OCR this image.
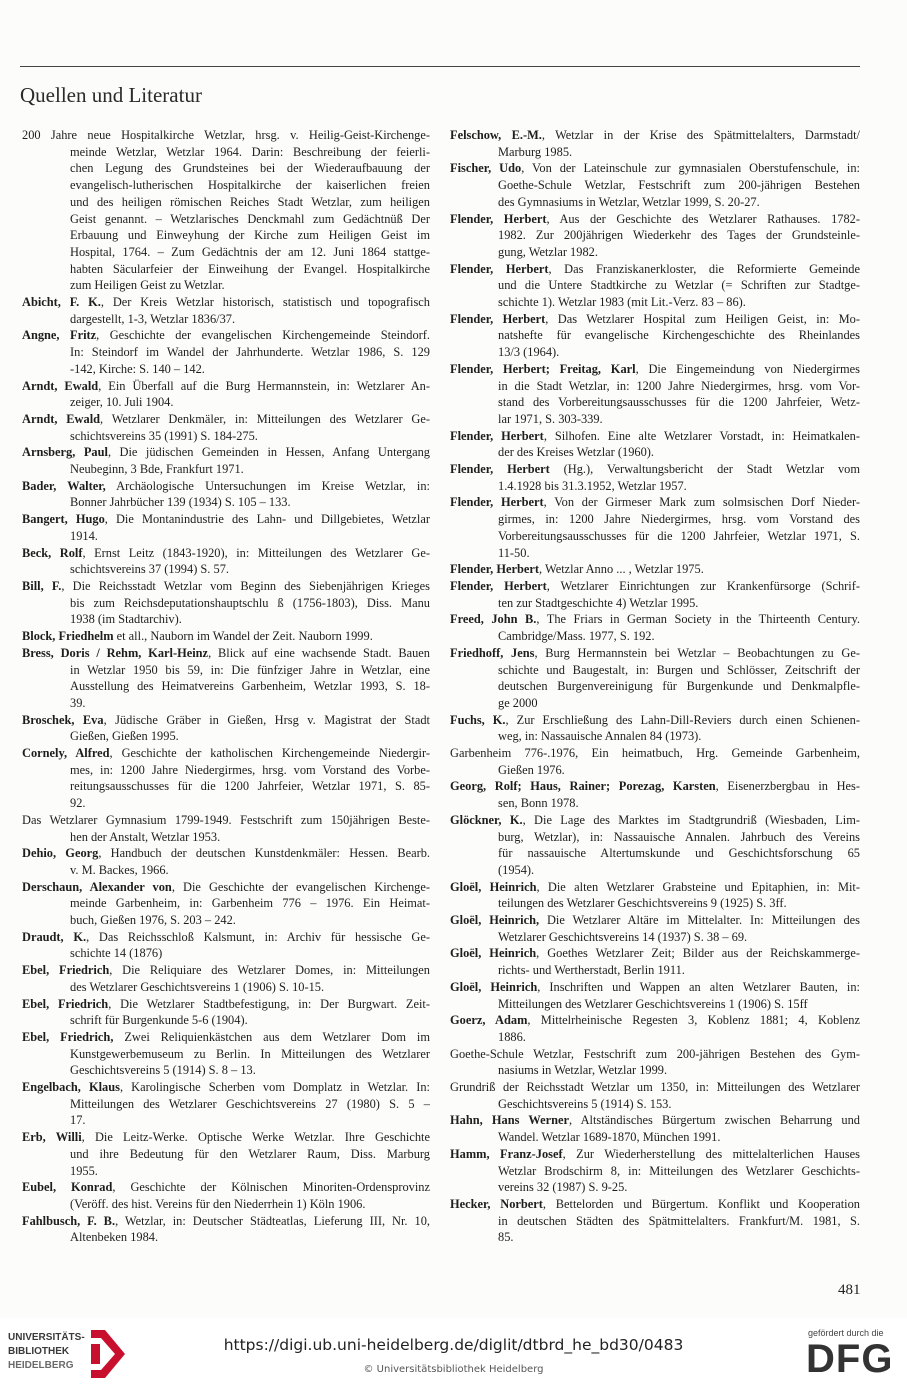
Quellen und Literatur
200 Jahre neue Hospitalkirche Wetzlar, hrsg. v. Heilig-Geist-Kirchenge-
meinde Wetzlar, Wetzlar 1964. Darin: Beschreibung der feierli-
chen Legung des Grundsteines bei der Wiederaufbauung der
evangelisch-lutherischen Hospitalkirche der kaiserlichen freien
und des heiligen römischen Reiches Stadt Wetzlar, zum heiligen
Geist genannt. – Wetzlarisches Denckmahl zum Gedächtnüß Der
Erbauung und Einweyhung der Kirche zum Heiligen Geist im
Hospital, 1764. – Zum Gedächtnis der am 12. Juni 1864 stattge-
habten Säcularfeier der Einweihung der Evangel. Hospitalkirche
zum Heiligen Geist zu Wetzlar.
Abicht, F. K., Der Kreis Wetzlar historisch, statistisch und topografisch
dargestellt, 1-3, Wetzlar 1836/37.
Angne, Fritz, Geschichte der evangelischen Kirchengemeinde Steindorf.
In: Steindorf im Wandel der Jahrhunderte. Wetzlar 1986, S. 129
-142, Kirche: S. 140 – 142.
Arndt, Ewald, Ein Überfall auf die Burg Hermannstein, in: Wetzlarer An-
zeiger, 10. Juli 1904.
Arndt, Ewald, Wetzlarer Denkmäler, in: Mitteilungen des Wetzlarer Ge-
schichtsvereins 35 (1991) S. 184-275.
Arnsberg, Paul, Die jüdischen Gemeinden in Hessen, Anfang Untergang
Neubeginn, 3 Bde, Frankfurt 1971.
Bader, Walter, Archäologische Untersuchungen im Kreise Wetzlar, in:
Bonner Jahrbücher 139 (1934) S. 105 – 133.
Bangert, Hugo, Die Montanindustrie des Lahn- und Dillgebietes, Wetzlar
1914.
Beck, Rolf, Ernst Leitz (1843-1920), in: Mitteilungen des Wetzlarer Ge-
schichtsvereins 37 (1994) S. 57.
Bill, F., Die Reichsstadt Wetzlar vom Beginn des Siebenjährigen Krieges
bis zum Reichsdeputationshauptschlu ß (1756-1803), Diss. Manu
1938 (im Stadtarchiv).
Block, Friedhelm et all., Nauborn im Wandel der Zeit. Nauborn 1999.
Bress, Doris / Rehm, Karl-Heinz, Blick auf eine wachsende Stadt. Bauen
in Wetzlar 1950 bis 59, in: Die fünfziger Jahre in Wetzlar, eine
Ausstellung des Heimatvereins Garbenheim, Wetzlar 1993, S. 18-
39.
Broschek, Eva, Jüdische Gräber in Gießen, Hrsg v. Magistrat der Stadt
Gießen, Gießen 1995.
Cornely, Alfred, Geschichte der katholischen Kirchengemeinde Niedergir-
mes, in: 1200 Jahre Niedergirmes, hrsg. vom Vorstand des Vorbe-
reitungsausschusses für die 1200 Jahrfeier, Wetzlar 1971, S. 85-
92.
Das Wetzlarer Gymnasium 1799-1949. Festschrift zum 150jährigen Beste-
hen der Anstalt, Wetzlar 1953.
Dehio, Georg, Handbuch der deutschen Kunstdenkmäler: Hessen. Bearb.
v. M. Backes, 1966.
Derschaun, Alexander von, Die Geschichte der evangelischen Kirchenge-
meinde Garbenheim, in: Garbenheim 776 – 1976. Ein Heimat-
buch, Gießen 1976, S. 203 – 242.
Draudt, K., Das Reichsschloß Kalsmunt, in: Archiv für hessische Ge-
schichte 14 (1876)
Ebel, Friedrich, Die Reliquiare des Wetzlarer Domes, in: Mitteilungen
des Wetzlarer Geschichtsvereins 1 (1906) S. 10-15.
Ebel, Friedrich, Die Wetzlarer Stadtbefestigung, in: Der Burgwart. Zeit-
schrift für Burgenkunde 5-6 (1904).
Ebel, Friedrich, Zwei Reliquienkästchen aus dem Wetzlarer Dom im
Kunstgewerbemuseum zu Berlin. In Mitteilungen des Wetzlarer
Geschichtsvereins 5 (1914) S. 8 – 13.
Engelbach, Klaus, Karolingische Scherben vom Domplatz in Wetzlar. In:
Mitteilungen des Wetzlarer Geschichtsvereins 27 (1980) S. 5 –
17.
Erb, Willi, Die Leitz-Werke. Optische Werke Wetzlar. Ihre Geschichte
und ihre Bedeutung für den Wetzlarer Raum, Diss. Marburg
1955.
Eubel, Konrad, Geschichte der Kölnischen Minoriten-Ordensprovinz
(Veröff. des hist. Vereins für den Niederrhein 1) Köln 1906.
Fahlbusch, F. B., Wetzlar, in: Deutscher Städteatlas, Lieferung III, Nr. 10,
Altenbeken 1984.
Felschow, E.-M., Wetzlar in der Krise des Spätmittelalters, Darmstadt/
Marburg 1985.
Fischer, Udo, Von der Lateinschule zur gymnasialen Oberstufenschule, in:
Goethe-Schule Wetzlar, Festschrift zum 200-jährigen Bestehen
des Gymnasiums in Wetzlar, Wetzlar 1999, S. 20-27.
Flender, Herbert, Aus der Geschichte des Wetzlarer Rathauses. 1782-
1982. Zur 200jährigen Wiederkehr des Tages der Grundsteinle-
gung, Wetzlar 1982.
Flender, Herbert, Das Franziskanerkloster, die Reformierte Gemeinde
und die Untere Stadtkirche zu Wetzlar (= Schriften zur Stadtge-
schichte 1). Wetzlar 1983 (mit Lit.-Verz. 83 – 86).
Flender, Herbert, Das Wetzlarer Hospital zum Heiligen Geist, in: Mo-
natshefte für evangelische Kirchengeschichte des Rheinlandes
13/3 (1964).
Flender, Herbert; Freitag, Karl, Die Eingemeindung von Niedergirmes
in die Stadt Wetzlar, in: 1200 Jahre Niedergirmes, hrsg. vom Vor-
stand des Vorbereitungsausschusses für die 1200 Jahrfeier, Wetz-
lar 1971, S. 303-339.
Flender, Herbert, Silhofen. Eine alte Wetzlarer Vorstadt, in: Heimatkalen-
der des Kreises Wetzlar (1960).
Flender, Herbert (Hg.), Verwaltungsbericht der Stadt Wetzlar vom
1.4.1928 bis 31.3.1952, Wetzlar 1957.
Flender, Herbert, Von der Girmeser Mark zum solmsischen Dorf Nieder-
girmes, in: 1200 Jahre Niedergirmes, hrsg. vom Vorstand des
Vorbereitungsausschusses für die 1200 Jahrfeier, Wetzlar 1971, S.
11-50.
Flender, Herbert, Wetzlar Anno ... , Wetzlar 1975.
Flender, Herbert, Wetzlarer Einrichtungen zur Krankenfürsorge (Schrif-
ten zur Stadtgeschichte 4) Wetzlar 1995.
Freed, John B., The Friars in German Society in the Thirteenth Century.
Cambridge/Mass. 1977, S. 192.
Friedhoff, Jens, Burg Hermannstein bei Wetzlar – Beobachtungen zu Ge-
schichte und Baugestalt, in: Burgen und Schlösser, Zeitschrift der
deutschen Burgenvereinigung für Burgenkunde und Denkmalpfle-
ge 2000
Fuchs, K., Zur Erschließung des Lahn-Dill-Reviers durch einen Schienen-
weg, in: Nassauische Annalen 84 (1973).
Garbenheim 776-.1976, Ein heimatbuch, Hrg. Gemeinde Garbenheim,
Gießen 1976.
Georg, Rolf; Haus, Rainer; Porezag, Karsten, Eisenerzbergbau in Hes-
sen, Bonn 1978.
Glöckner, K., Die Lage des Marktes im Stadtgrundriß (Wiesbaden, Lim-
burg, Wetzlar), in: Nassauische Annalen. Jahrbuch des Vereins
für nassauische Altertumskunde und Geschichtsforschung 65
(1954).
Gloël, Heinrich, Die alten Wetzlarer Grabsteine und Epitaphien, in: Mit-
teilungen des Wetzlarer Geschichtsvereins 9 (1925) S. 3ff.
Gloël, Heinrich, Die Wetzlarer Altäre im Mittelalter. In: Mitteilungen des
Wetzlarer Geschichtsvereins 14 (1937) S. 38 – 69.
Gloël, Heinrich, Goethes Wetzlarer Zeit; Bilder aus der Reichskammerge-
richts- und Wertherstadt, Berlin 1911.
Gloël, Heinrich, Inschriften und Wappen an alten Wetzlarer Bauten, in:
Mitteilungen des Wetzlarer Geschichtsvereins 1 (1906) S. 15ff
Goerz, Adam, Mittelrheinische Regesten 3, Koblenz 1881; 4, Koblenz
1886.
Goethe-Schule Wetzlar, Festschrift zum 200-jährigen Bestehen des Gym-
nasiums in Wetzlar, Wetzlar 1999.
Grundriß der Reichsstadt Wetzlar um 1350, in: Mitteilungen des Wetzlarer
Geschichtsvereins 5 (1914) S. 153.
Hahn, Hans Werner, Altständisches Bürgertum zwischen Beharrung und
Wandel. Wetzlar 1689-1870, München 1991.
Hamm, Franz-Josef, Zur Wiederherstellung des mittelalterlichen Hauses
Wetzlar Brodschirm 8, in: Mitteilungen des Wetzlarer Geschichts-
vereins 32 (1987) S. 9-25.
Hecker, Norbert, Bettelorden und Bürgertum. Konflikt und Kooperation
in deutschen Städten des Spätmittelalters. Frankfurt/M. 1981, S.
85.
481
UNIVERSITÄTS-
BIBLIOTHEK
HEIDELBERG
https://digi.ub.uni-heidelberg.de/diglit/dtbrd_he_bd30/0483
© Universitätsbibliothek Heidelberg
gefördert durch die
DFG
